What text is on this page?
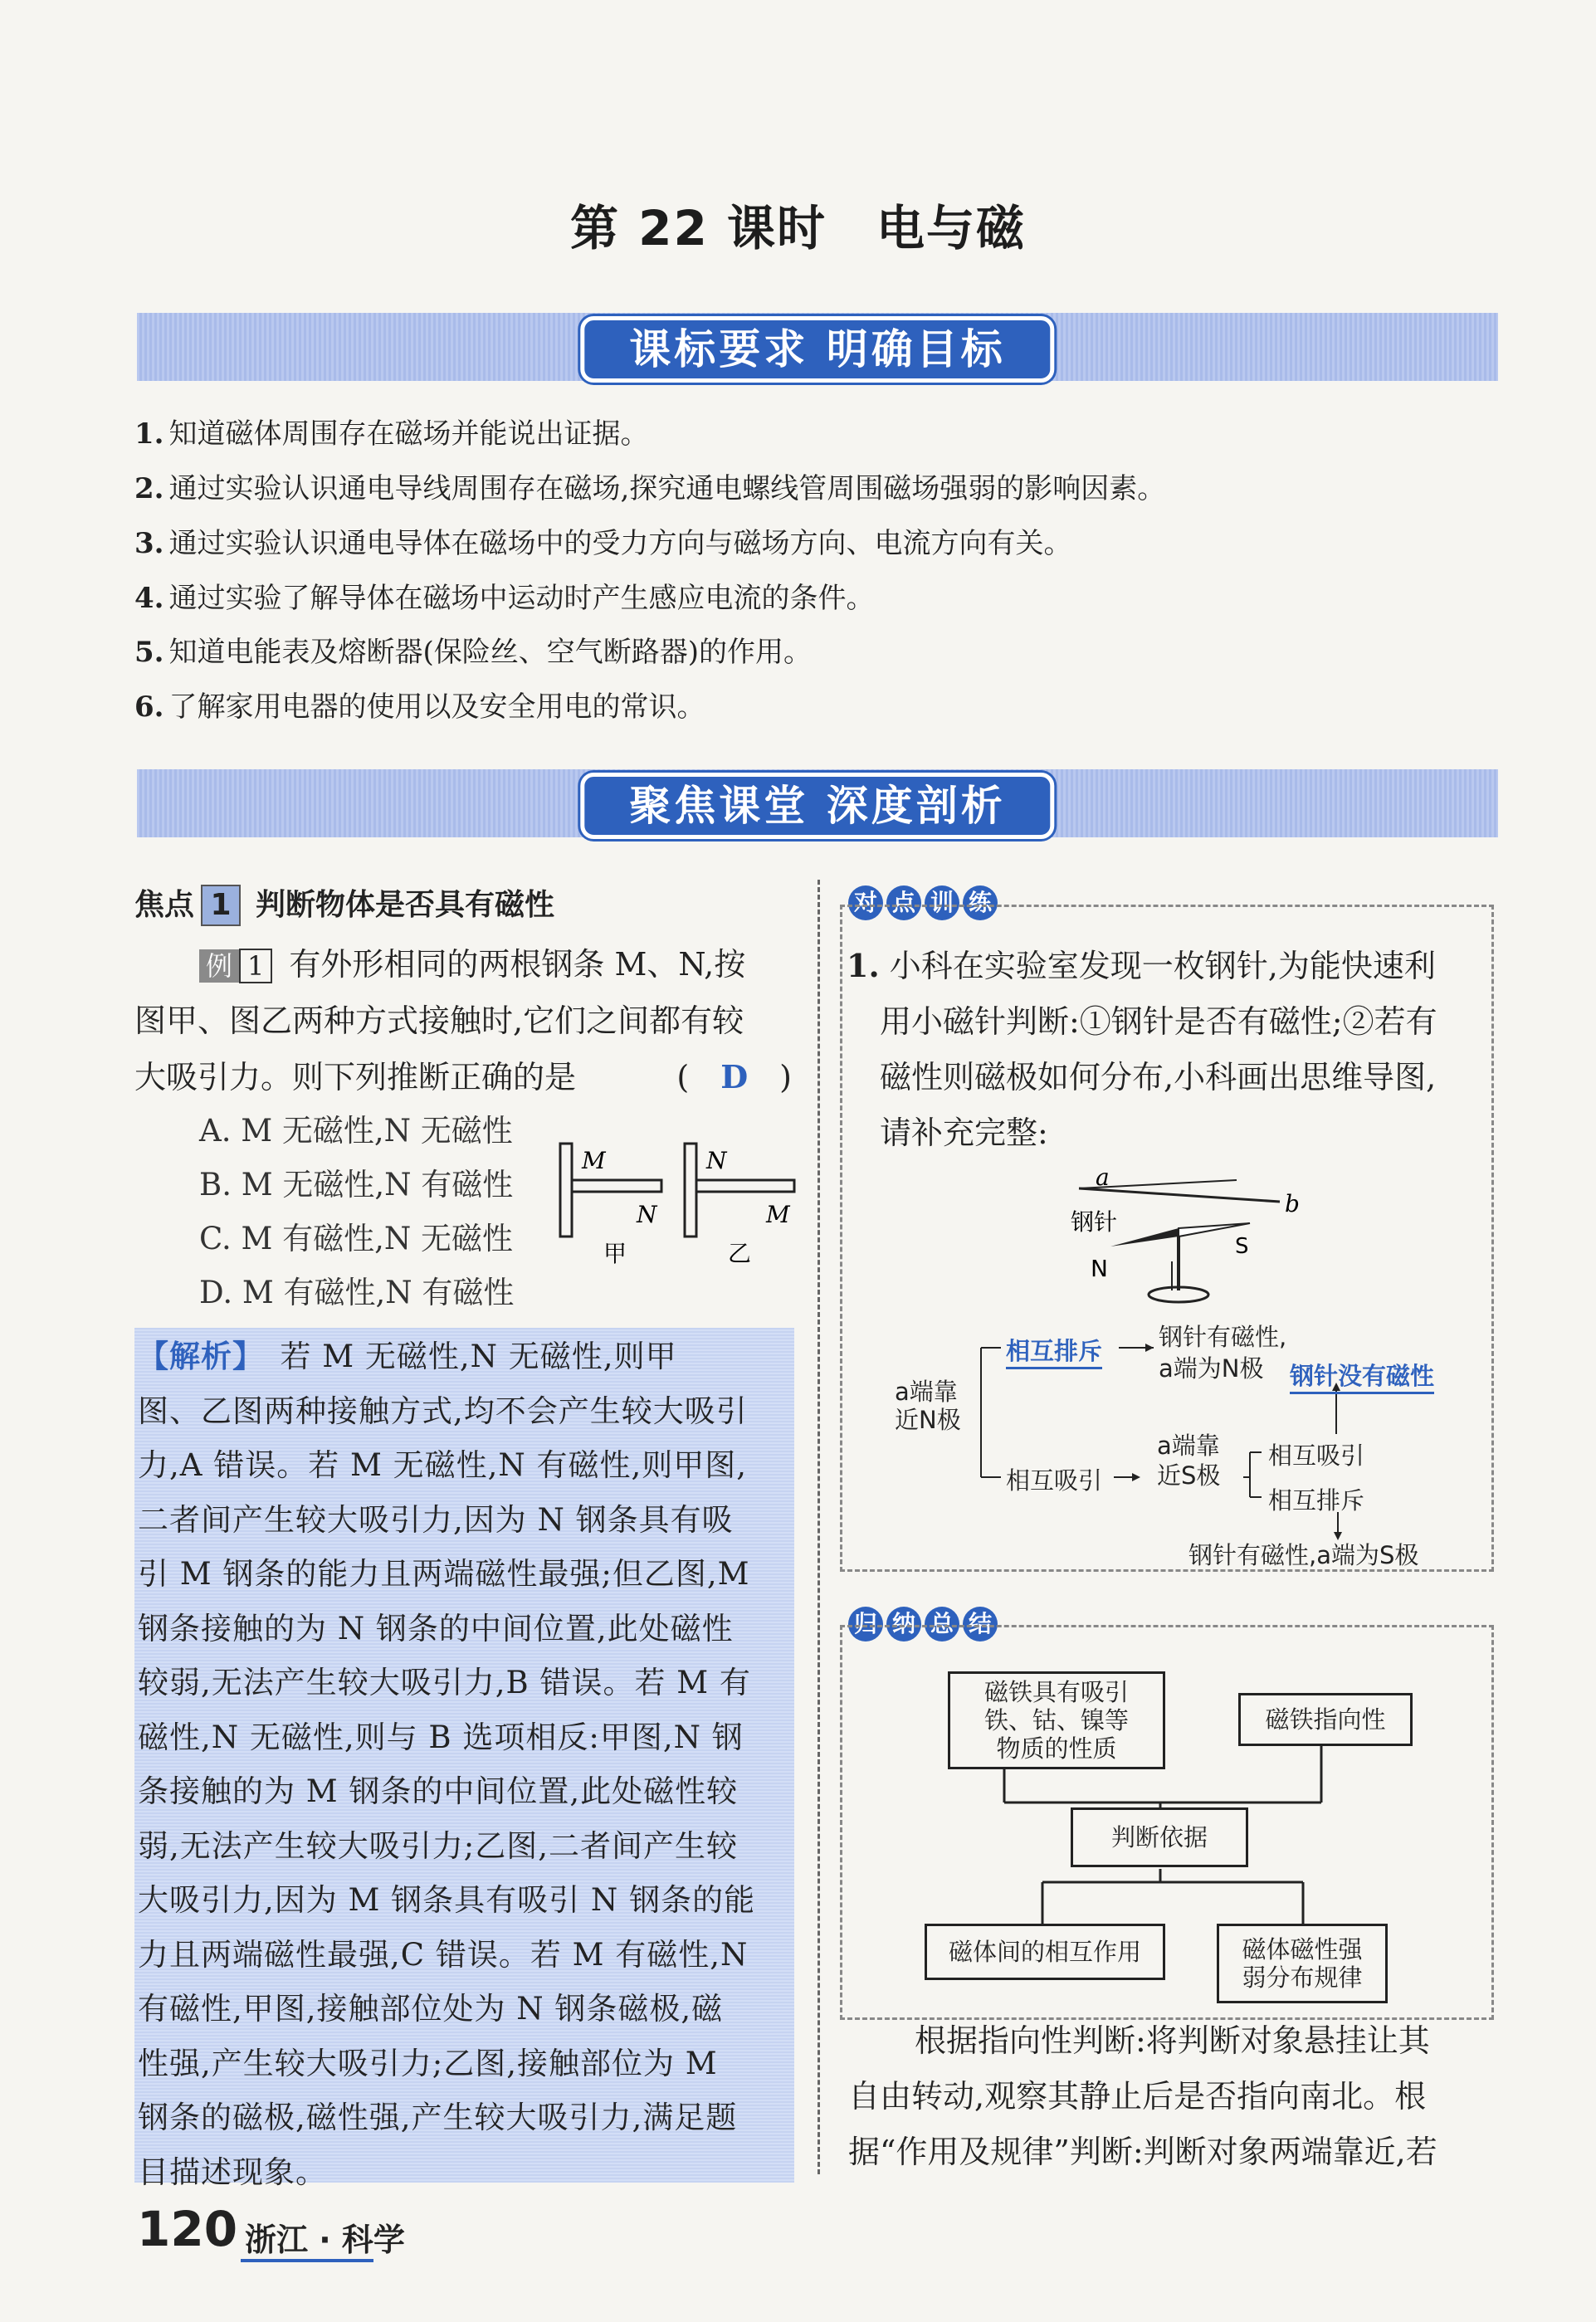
第 22 课时　电与磁
课标要求 明确目标
1. 知道磁体周围存在磁场并能说出证据。
2. 通过实验认识通电导线周围存在磁场,探究通电螺线管周围磁场强弱的影响因素。
3. 通过实验认识通电导体在磁场中的受力方向与磁场方向、电流方向有关。
4. 通过实验了解导体在磁场中运动时产生感应电流的条件。
5. 知道电能表及熔断器(保险丝、空气断路器)的作用。
6. 了解家用电器的使用以及安全用电的常识。
聚焦课堂 深度剖析
焦点 1 判断物体是否具有磁性
例 1 有外形相同的两根钢条 M、N,按
图甲、图乙两种方式接触时,它们之间都有较
大吸引力。则下列推断正确的是	(　 D　 )
A. M 无磁性,N 无磁性
B. M 无磁性,N 有磁性
C. M 有磁性,N 无磁性
D. M 有磁性,N 有磁性
M
N
N
M
甲	乙
【解析】　若 M 无磁性,N 无磁性,则甲
图、乙图两种接触方式,均不会产生较大吸引
力,A 错误。若 M 无磁性,N 有磁性,则甲图,
二者间产生较大吸引力,因为 N 钢条具有吸
引 M 钢条的能力且两端磁性最强;但乙图,M
钢条接触的为 N 钢条的中间位置,此处磁性
较弱,无法产生较大吸引力,B 错误。若 M 有
磁性,N 无磁性,则与 B 选项相反:甲图,N 钢
条接触的为 M 钢条的中间位置,此处磁性较
弱,无法产生较大吸引力;乙图,二者间产生较
大吸引力,因为 M 钢条具有吸引 N 钢条的能
力且两端磁性最强,C 错误。若 M 有磁性,N
有磁性,甲图,接触部位处为 N 钢条磁极,磁
性强,产生较大吸引力;乙图,接触部位为 M
钢条的磁极,磁性强,产生较大吸引力,满足题
目描述现象。
对 点 训 练
1. 小科在实验室发现一枚钢针,为能快速利
用小磁针判断:①钢针是否有磁性;②若有
磁性则磁极如何分布,小科画出思维导图,
请补充完整:
a
b
钢针
N
S
a端靠
近N极
相互排斥 钢针有磁性,
a端为N极	钢针没有磁性
相互吸引
a端靠
近S极
相互吸引
相互排斥
钢针有磁性,a端为S极
归 纳 总 结
磁铁具有吸引
铁、钴、镍等
物质的性质
磁铁指向性
判断依据
磁体间的相互作用	磁体磁性强
弱分布规律
根据指向性判断:将判断对象悬挂让其
自由转动,观察其静止后是否指向南北。根
据“作用及规律”判断:判断对象两端靠近,若
120 浙江 · 科学
